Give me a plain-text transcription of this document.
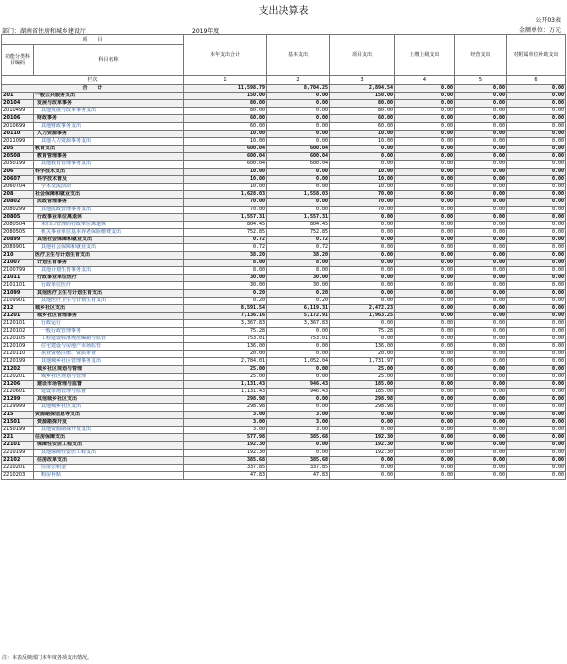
支出决算表
公开03表
金额单位：万元
部门：湖南省住房和城乡建设厅	2019年度
项　　目		本年支出合计	基本支出	项目支出	上缴上级支出	经营支出	对附属单位补助支出
功能分类科目编码	科目名称						
栏次		1	2	3	4	5	6
合　　计		11,598.79	8,704.25	2,894.54	0.00	0.00	0.00
201	一般公共服务支出	150.00	0.00	150.00	0.00	0.00	0.00
20104	发展与改革事务	80.00	0.00	80.00	0.00	0.00	0.00
2010499	其他发展与改革事务支出	80.00	0.00	80.00	0.00	0.00	0.00
20106	财政事务	60.00	0.00	60.00	0.00	0.00	0.00
2010699	其他财政事务支出	60.00	0.00	60.00	0.00	0.00	0.00
20110	人力资源事务	10.00	0.00	10.00	0.00	0.00	0.00
2011099	其他人力资源事务支出	10.00	0.00	10.00	0.00	0.00	0.00
205	教育支出	600.04	600.04	0.00	0.00	0.00	0.00
20508	教育管理事务	600.04	600.04	0.00	0.00	0.00	0.00
2050199	其他教育管理事务支出	600.04	600.04	0.00	0.00	0.00	0.00
206	科学技术支出	10.00	0.00	10.00	0.00	0.00	0.00
20607	科学技术普及	10.00	0.00	10.00	0.00	0.00	0.00
2060704	学术交流活动	10.00	0.00	10.00	0.00	0.00	0.00
208	社会保障和就业支出	1,628.03	1,558.03	70.00	0.00	0.00	0.00
20802	民政管理事务	70.00	0.00	70.00	0.00	0.00	0.00
2080299	其他民政管理事务支出	70.00	0.00	70.00	0.00	0.00	0.00
20805	行政事业单位离退休	1,557.31	1,557.31	0.00	0.00	0.00	0.00
2080504	未归口管理的行政单位离退休	804.45	804.45	0.00	0.00	0.00	0.00
2080505	机关事业单位基本养老保险缴费支出	752.85	752.85	0.00	0.00	0.00	0.00
20899	其他社会保障和就业支出	0.72	0.72	0.00	0.00	0.00	0.00
2089901	其他社会保障和就业支出	0.72	0.72	0.00	0.00	0.00	0.00
210	医疗卫生与计划生育支出	38.20	38.20	0.00	0.00	0.00	0.00
21007	计划生育事务	8.00	8.00	0.00	0.00	0.00	0.00
2100799	其他计划生育事务支出	8.00	8.00	0.00	0.00	0.00	0.00
21011	行政事业单位医疗	30.00	30.00	0.00	0.00	0.00	0.00
2101101	行政单位医疗	30.00	30.00	0.00	0.00	0.00	0.00
21099	其他医疗卫生与计划生育支出	0.20	0.20	0.00	0.00	0.00	0.00
2109901	其他医疗卫生与计划生育支出	0.20	0.20	0.00	0.00	0.00	0.00
212	城乡社区支出	8,591.54	6,119.31	2,472.23	0.00	0.00	0.00
21201	城乡社区管理事务	7,136.16	5,172.91	1,963.25	0.00	0.00	0.00
2120101	行政运行	3,367.83	3,367.83	0.00	0.00	0.00	0.00
2120102	一般行政管理事务	75.28	0.00	75.28	0.00	0.00	0.00
2120105	工程建设标准规范编制与监管	753.01	753.01	0.00	0.00	0.00	0.00
2120109	住宅建设与房地产市场监管	136.00	0.00	136.00	0.00	0.00	0.00
2120110	执业资格注册、资质审查	20.00	0.00	20.00	0.00	0.00	0.00
2120199	其他城乡社区管理事务支出	2,784.01	1,052.04	1,731.97	0.00	0.00	0.00
21202	城乡社区规划与管理	25.00	0.00	25.00	0.00	0.00	0.00
2120201	城乡社区规划与管理	25.00	0.00	25.00	0.00	0.00	0.00
21206	建设市场管理与监督	1,131.43	946.43	185.00	0.00	0.00	0.00
2120601	建设市场管理与监督	1,131.43	946.43	185.00	0.00	0.00	0.00
21299	其他城乡社区支出	298.98	0.00	298.98	0.00	0.00	0.00
2129999	其他城乡社区支出	298.98	0.00	298.98	0.00	0.00	0.00
215	资源勘探信息等支出	3.00	3.00	0.00	0.00	0.00	0.00
21501	资源勘探开发	3.00	3.00	0.00	0.00	0.00	0.00
2150199	其他资源勘探开发支出	3.00	3.00	0.00	0.00	0.00	0.00
221	住房保障支出	577.98	385.68	192.30	0.00	0.00	0.00
22101	保障性安居工程支出	192.30	0.00	192.30	0.00	0.00	0.00
2210199	其他保障性安居工程支出	192.30	0.00	192.30	0.00	0.00	0.00
22102	住房改革支出	385.68	385.68	0.00	0.00	0.00	0.00
2210201	住房公积金	337.85	337.85	0.00	0.00	0.00	0.00
2210203	购房补贴	47.83	47.83	0.00	0.00	0.00	0.00
注：本表反映部门本年度各项支出情况。
